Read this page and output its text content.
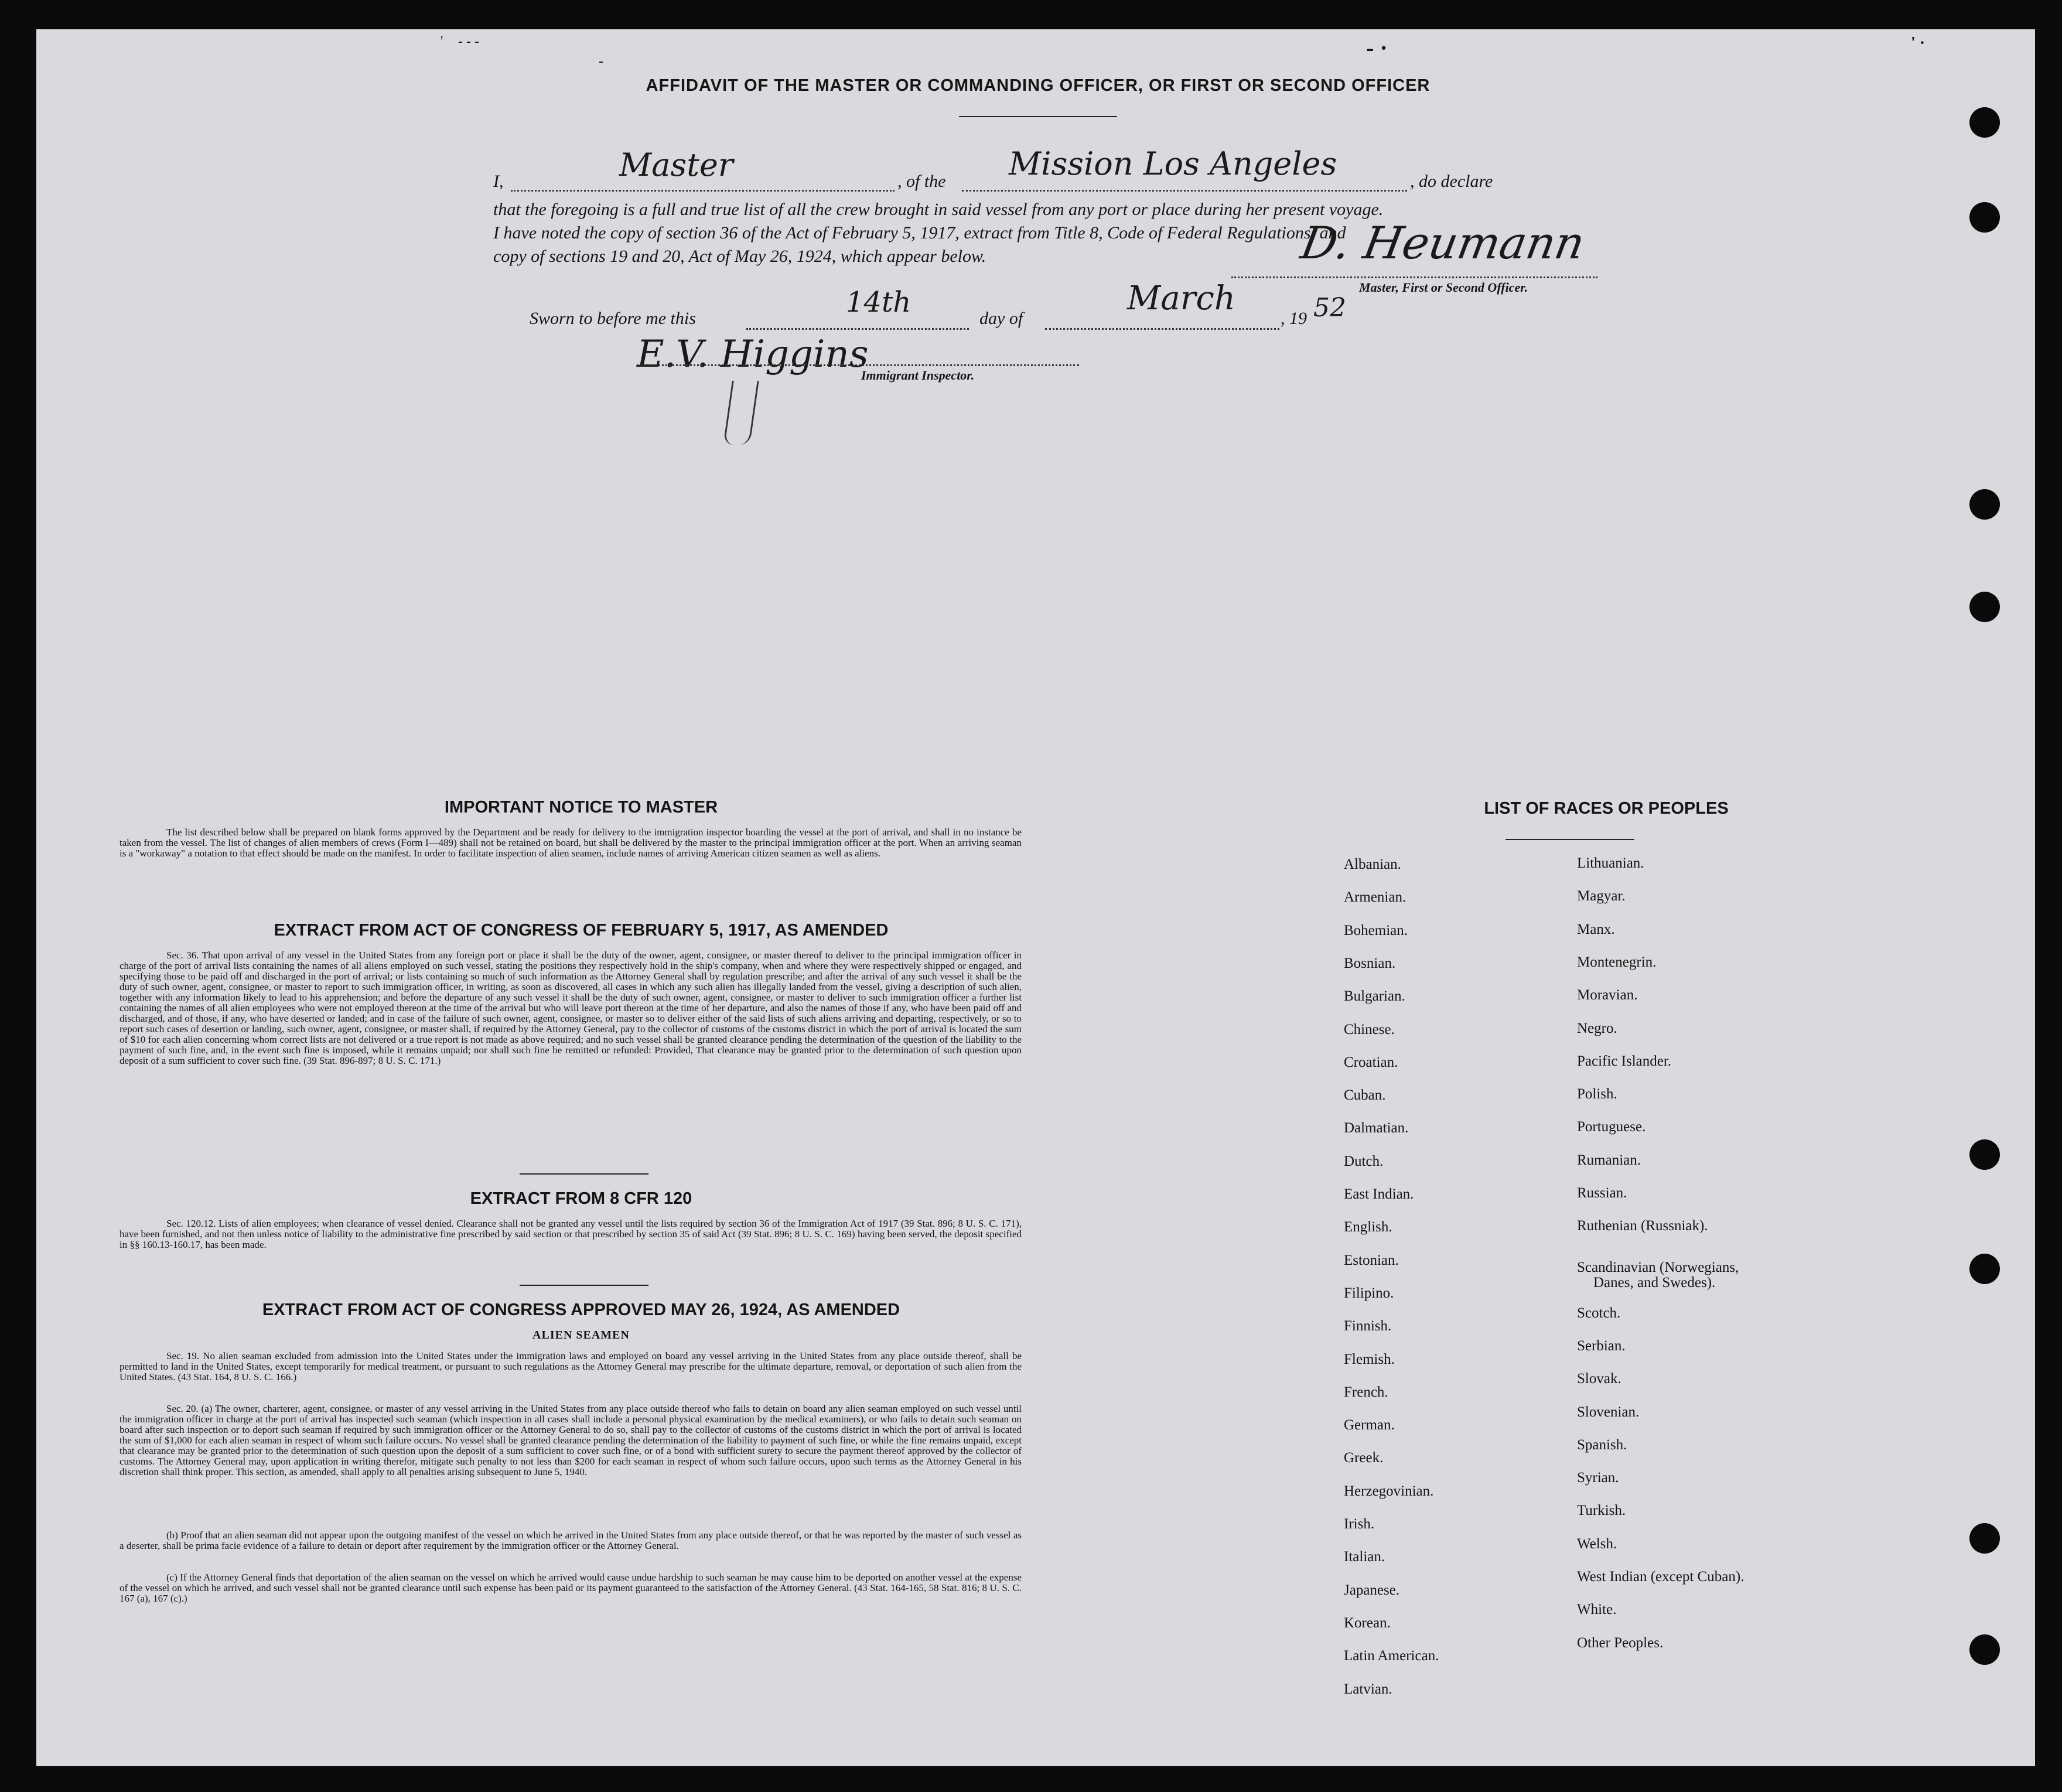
' - - -
-
- ·	' ·
AFFIDAVIT OF THE MASTER OR COMMANDING OFFICER, OR FIRST OR SECOND OFFICER
I,	Master	, of the Mission Los Angeles	, do declare
that the foregoing is a full and true list of all the crew brought in said vessel from any port or place during her present voyage.
I have noted the copy of section 36 of the Act of February 5, 1917, extract from Title 8, Code of Federal Regulations, and
copy of sections 19 and 20, Act of May 26, 1924, which appear below.	D. Heumann
Master, First or Second Officer.
Sworn to before me this	14th	day of
March
, 19 52
E.V. Higgins
Immigrant Inspector.
IMPORTANT NOTICE TO MASTER
The list described below shall be prepared on blank forms approved by the Department and be ready for delivery to the immigration inspector boarding the vessel at the port of arrival, and shall in no instance be taken from the vessel. The list of changes of alien members of crews (Form I—489) shall not be retained on board, but shall be delivered by the master to the principal immigration officer at the port. When an arriving seaman is a "workaway" a notation to that effect should be made on the manifest. In order to facilitate inspection of alien seamen, include names of arriving American citizen seamen as well as aliens.
EXTRACT FROM ACT OF CONGRESS OF FEBRUARY 5, 1917, AS AMENDED
Sec. 36. That upon arrival of any vessel in the United States from any foreign port or place it shall be the duty of the owner, agent, consignee, or master thereof to deliver to the principal immigration officer in charge of the port of arrival lists containing the names of all aliens employed on such vessel, stating the positions they respectively hold in the ship's company, when and where they were respectively shipped or engaged, and specifying those to be paid off and discharged in the port of arrival; or lists containing so much of such information as the Attorney General shall by regulation prescribe; and after the arrival of any such vessel it shall be the duty of such owner, agent, consignee, or master to report to such immigration officer, in writing, as soon as discovered, all cases in which any such alien has illegally landed from the vessel, giving a description of such alien, together with any information likely to lead to his apprehension; and before the departure of any such vessel it shall be the duty of such owner, agent, consignee, or master to deliver to such immigration officer a further list containing the names of all alien employees who were not employed thereon at the time of the arrival but who will leave port thereon at the time of her departure, and also the names of those if any, who have been paid off and discharged, and of those, if any, who have deserted or landed; and in case of the failure of such owner, agent, consignee, or master so to deliver either of the said lists of such aliens arriving and departing, respectively, or so to report such cases of desertion or landing, such owner, agent, consignee, or master shall, if required by the Attorney General, pay to the collector of customs of the customs district in which the port of arrival is located the sum of $10 for each alien concerning whom correct lists are not delivered or a true report is not made as above required; and no such vessel shall be granted clearance pending the determination of the question of the liability to the payment of such fine, and, in the event such fine is imposed, while it remains unpaid; nor shall such fine be remitted or refunded: Provided, That clearance may be granted prior to the determination of such question upon deposit of a sum sufficient to cover such fine. (39 Stat. 896-897; 8 U. S. C. 171.)
EXTRACT FROM 8 CFR 120
Sec. 120.12. Lists of alien employees; when clearance of vessel denied. Clearance shall not be granted any vessel until the lists required by section 36 of the Immigration Act of 1917 (39 Stat. 896; 8 U. S. C. 171), have been furnished, and not then unless notice of liability to the administrative fine prescribed by said section or that prescribed by section 35 of said Act (39 Stat. 896; 8 U. S. C. 169) having been served, the deposit specified in §§ 160.13-160.17, has been made.
EXTRACT FROM ACT OF CONGRESS APPROVED MAY 26, 1924, AS AMENDED
ALIEN SEAMEN
Sec. 19. No alien seaman excluded from admission into the United States under the immigration laws and employed on board any vessel arriving in the United States from any place outside thereof, shall be permitted to land in the United States, except temporarily for medical treatment, or pursuant to such regulations as the Attorney General may prescribe for the ultimate departure, removal, or deportation of such alien from the United States. (43 Stat. 164, 8 U. S. C. 166.)
Sec. 20. (a) The owner, charterer, agent, consignee, or master of any vessel arriving in the United States from any place outside thereof who fails to detain on board any alien seaman employed on such vessel until the immigration officer in charge at the port of arrival has inspected such seaman (which inspection in all cases shall include a personal physical examination by the medical examiners), or who fails to detain such seaman on board after such inspection or to deport such seaman if required by such immigration officer or the Attorney General to do so, shall pay to the collector of customs of the customs district in which the port of arrival is located the sum of $1,000 for each alien seaman in respect of whom such failure occurs. No vessel shall be granted clearance pending the determination of the liability to payment of such fine, or while the fine remains unpaid, except that clearance may be granted prior to the determination of such question upon the deposit of a sum sufficient to cover such fine, or of a bond with sufficient surety to secure the payment thereof approved by the collector of customs. The Attorney General may, upon application in writing therefor, mitigate such penalty to not less than $200 for each seaman in respect of whom such failure occurs, upon such terms as the Attorney General in his discretion shall think proper. This section, as amended, shall apply to all penalties arising subsequent to June 5, 1940.
(b) Proof that an alien seaman did not appear upon the outgoing manifest of the vessel on which he arrived in the United States from any place outside thereof, or that he was reported by the master of such vessel as a deserter, shall be prima facie evidence of a failure to detain or deport after requirement by the immigration officer or the Attorney General.
(c) If the Attorney General finds that deportation of the alien seaman on the vessel on which he arrived would cause undue hardship to such seaman he may cause him to be deported on another vessel at the expense of the vessel on which he arrived, and such vessel shall not be granted clearance until such expense has been paid or its payment guaranteed to the satisfaction of the Attorney General. (43 Stat. 164-165, 58 Stat. 816; 8 U. S. C. 167 (a), 167 (c).)
LIST OF RACES OR PEOPLES
Albanian.
Armenian.
Bohemian.
Bosnian.
Bulgarian.
Chinese.
Croatian.
Cuban.
Dalmatian.
Dutch.
East Indian.
English.
Estonian.
Filipino.
Finnish.
Flemish.
French.
German.
Greek.
Herzegovinian.
Irish.
Italian.
Japanese.
Korean.
Latin American.
Latvian.
Lithuanian.
Magyar.
Manx.
Montenegrin.
Moravian.
Negro.
Pacific Islander.
Polish.
Portuguese.
Rumanian.
Russian.
Ruthenian (Russniak).
Scandinavian (Norwegians,
Danes, and Swedes).
Scotch.
Serbian.
Slovak.
Slovenian.
Spanish.
Syrian.
Turkish.
Welsh.
West Indian (except Cuban).
White.
Other Peoples.
